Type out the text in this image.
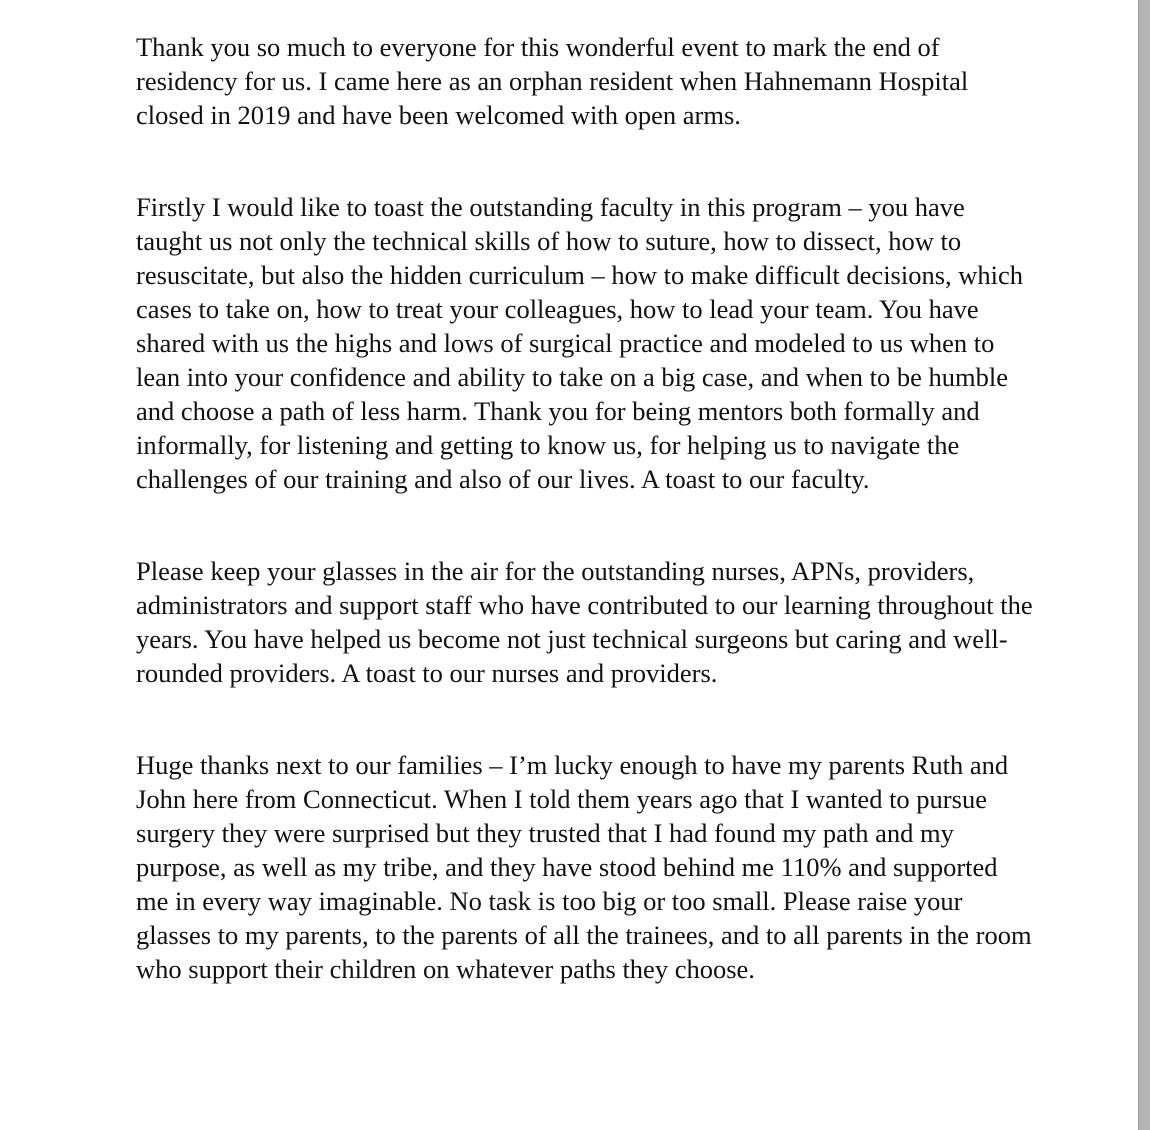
Thank you so much to everyone for this wonderful event to mark the end of residency for us. I came here as an orphan resident when Hahnemann Hospital closed in 2019 and have been welcomed with open arms.

Firstly I would like to toast the outstanding faculty in this program – you have taught us not only the technical skills of how to suture, how to dissect, how to resuscitate, but also the hidden curriculum – how to make difficult decisions, which cases to take on, how to treat your colleagues, how to lead your team. You have shared with us the highs and lows of surgical practice and modeled to us when to lean into your confidence and ability to take on a big case, and when to be humble and choose a path of less harm. Thank you for being mentors both formally and informally, for listening and getting to know us, for helping us to navigate the challenges of our training and also of our lives. A toast to our faculty.

Please keep your glasses in the air for the outstanding nurses, APNs, providers, administrators and support staff who have contributed to our learning throughout the years. You have helped us become not just technical surgeons but caring and well-rounded providers. A toast to our nurses and providers.

Huge thanks next to our families – I’m lucky enough to have my parents Ruth and John here from Connecticut. When I told them years ago that I wanted to pursue surgery they were surprised but they trusted that I had found my path and my purpose, as well as my tribe, and they have stood behind me 110% and supported me in every way imaginable. No task is too big or too small. Please raise your glasses to my parents, to the parents of all the trainees, and to all parents in the room who support their children on whatever paths they choose.
